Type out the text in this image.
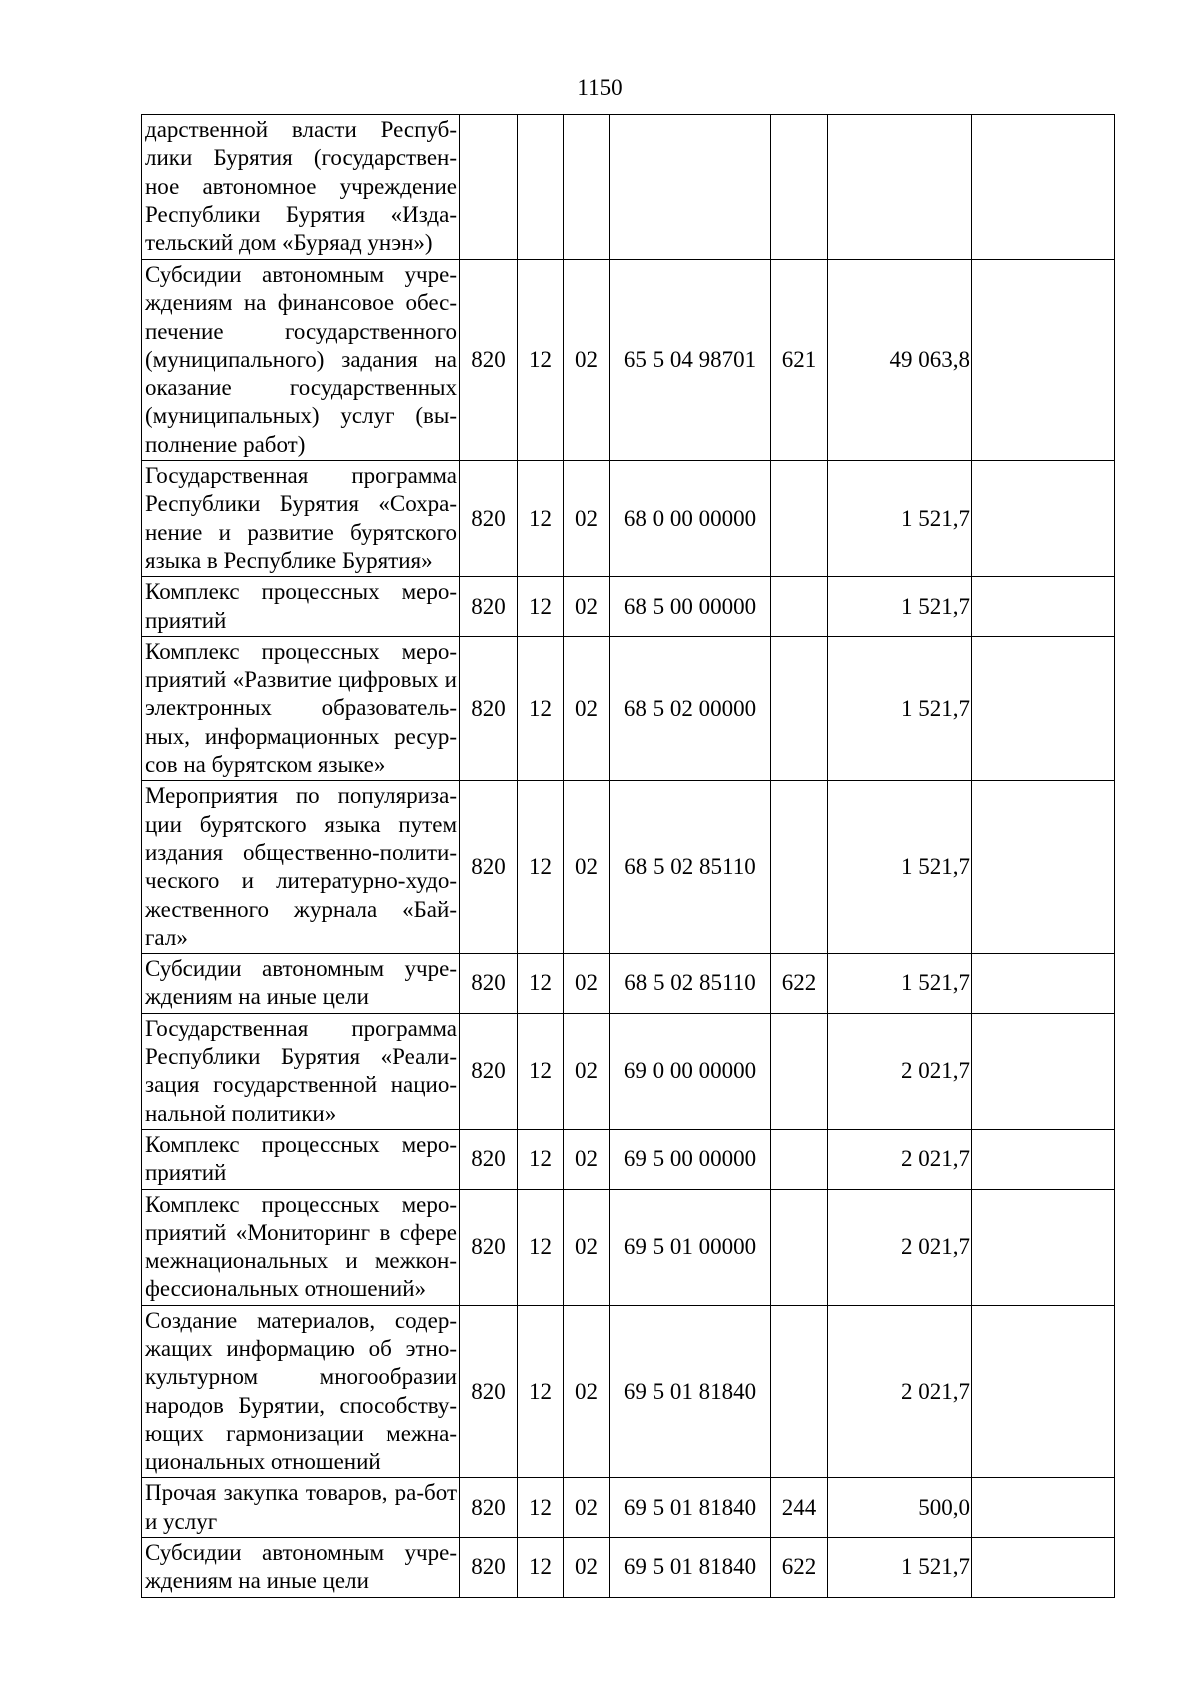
1150
дарственной власти Респуб-лики Бурятия (государствен-ное автономное учреждение Республики Бурятия «Изда-тельский дом «Буряад унэн»)							
Субсидии автономным учре-ждениям на финансовое обес-печение государственного (муниципального) задания на оказание государственных (муниципальных) услуг (вы-полнение работ)	820	12	02	65 5 04 98701	621	49 063,8	
Государственная программа Республики Бурятия «Сохра-нение и развитие бурятского языка в Республике Бурятия»	820	12	02	68 0 00 00000		1 521,7	
Комплекс процессных меро-приятий	820	12	02	68 5 00 00000		1 521,7	
Комплекс процессных меро-приятий «Развитие цифровых и электронных образователь-ных, информационных ресур-сов на бурятском языке»	820	12	02	68 5 02 00000		1 521,7	
Мероприятия по популяриза-ции бурятского языка путем издания общественно-полити-ческого и литературно-худо-жественного журнала «Бай-гал»	820	12	02	68 5 02 85110		1 521,7	
Субсидии автономным учре-ждениям на иные цели	820	12	02	68 5 02 85110	622	1 521,7	
Государственная программа Республики Бурятия «Реали-зация государственной нацио-нальной политики»	820	12	02	69 0 00 00000		2 021,7	
Комплекс процессных меро-приятий	820	12	02	69 5 00 00000		2 021,7	
Комплекс процессных меро-приятий «Мониторинг в сфере межнациональных и межкон-фессиональных отношений»	820	12	02	69 5 01 00000		2 021,7	
Создание материалов, содер-жащих информацию об этно-культурном многообразии народов Бурятии, способству-ющих гармонизации межна-циональных отношений	820	12	02	69 5 01 81840		2 021,7	
Прочая закупка товаров, ра-бот и услуг	820	12	02	69 5 01 81840	244	500,0	
Субсидии автономным учре-ждениям на иные цели	820	12	02	69 5 01 81840	622	1 521,7	
